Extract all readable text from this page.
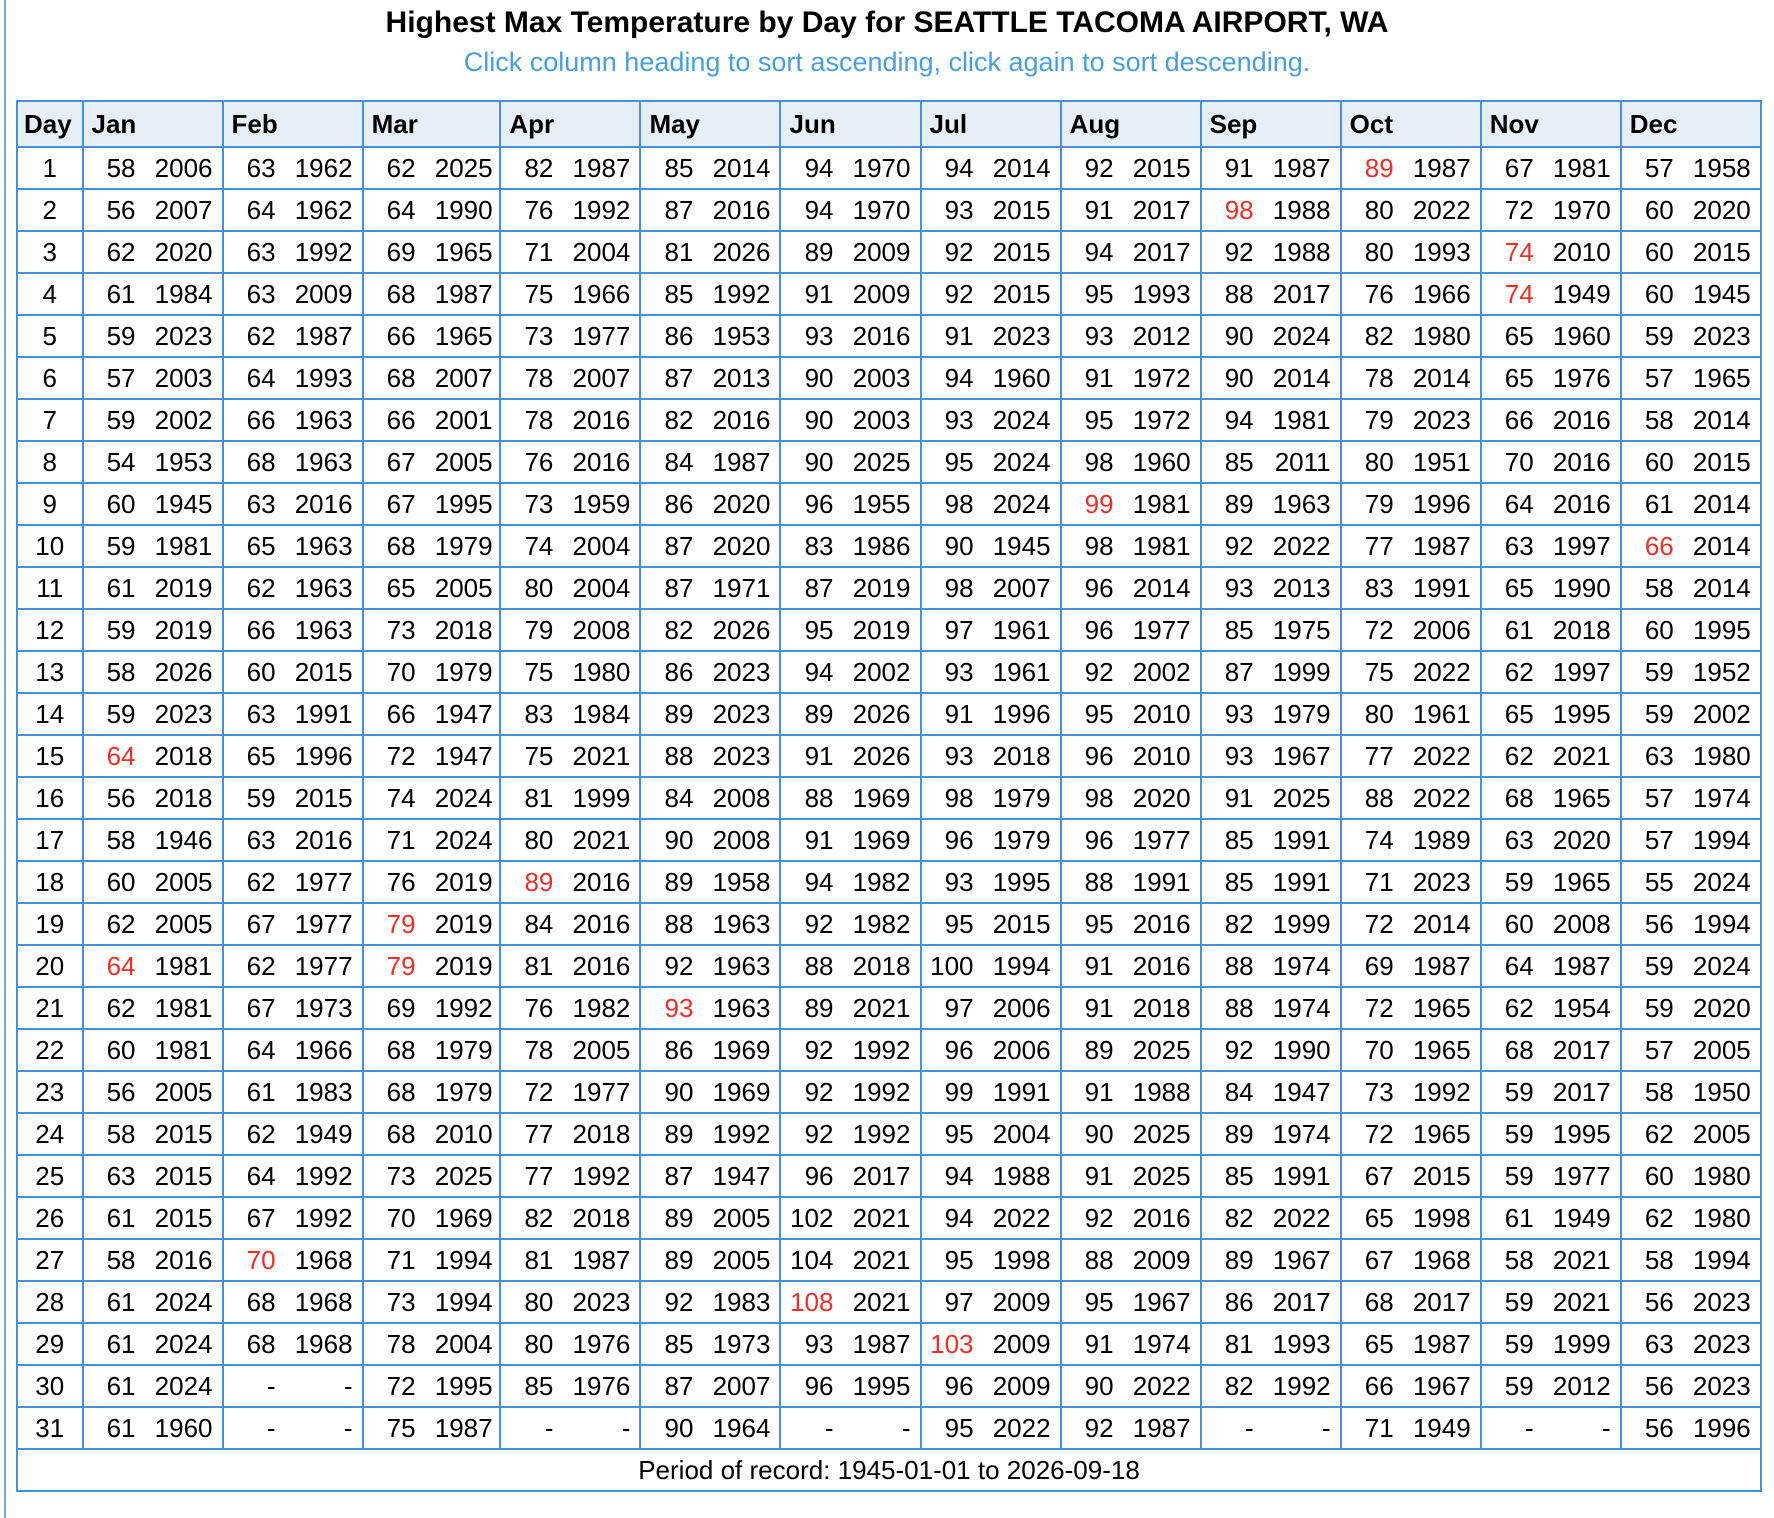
Highest Max Temperature by Day for SEATTLE TACOMA AIRPORT, WA
Click column heading to sort ascending, click again to sort descending.
Day	Jan	Feb	Mar	Apr	May	Jun	Jul	Aug	Sep	Oct	Nov	Dec
1	58 2006	63 1962	62 2025	82 1987	85 2014	94 1970	94 2014	92 2015	91 1987	89 1987	67 1981	57 1958
2	56 2007	64 1962	64 1990	76 1992	87 2016	94 1970	93 2015	91 2017	98 1988	80 2022	72 1970	60 2020
3	62 2020	63 1992	69 1965	71 2004	81 2026	89 2009	92 2015	94 2017	92 1988	80 1993	74 2010	60 2015
4	61 1984	63 2009	68 1987	75 1966	85 1992	91 2009	92 2015	95 1993	88 2017	76 1966	74 1949	60 1945
5	59 2023	62 1987	66 1965	73 1977	86 1953	93 2016	91 2023	93 2012	90 2024	82 1980	65 1960	59 2023
6	57 2003	64 1993	68 2007	78 2007	87 2013	90 2003	94 1960	91 1972	90 2014	78 2014	65 1976	57 1965
7	59 2002	66 1963	66 2001	78 2016	82 2016	90 2003	93 2024	95 1972	94 1981	79 2023	66 2016	58 2014
8	54 1953	68 1963	67 2005	76 2016	84 1987	90 2025	95 2024	98 1960	85 2011	80 1951	70 2016	60 2015
9	60 1945	63 2016	67 1995	73 1959	86 2020	96 1955	98 2024	99 1981	89 1963	79 1996	64 2016	61 2014
10	59 1981	65 1963	68 1979	74 2004	87 2020	83 1986	90 1945	98 1981	92 2022	77 1987	63 1997	66 2014
11	61 2019	62 1963	65 2005	80 2004	87 1971	87 2019	98 2007	96 2014	93 2013	83 1991	65 1990	58 2014
12	59 2019	66 1963	73 2018	79 2008	82 2026	95 2019	97 1961	96 1977	85 1975	72 2006	61 2018	60 1995
13	58 2026	60 2015	70 1979	75 1980	86 2023	94 2002	93 1961	92 2002	87 1999	75 2022	62 1997	59 1952
14	59 2023	63 1991	66 1947	83 1984	89 2023	89 2026	91 1996	95 2010	93 1979	80 1961	65 1995	59 2002
15	64 2018	65 1996	72 1947	75 2021	88 2023	91 2026	93 2018	96 2010	93 1967	77 2022	62 2021	63 1980
16	56 2018	59 2015	74 2024	81 1999	84 2008	88 1969	98 1979	98 2020	91 2025	88 2022	68 1965	57 1974
17	58 1946	63 2016	71 2024	80 2021	90 2008	91 1969	96 1979	96 1977	85 1991	74 1989	63 2020	57 1994
18	60 2005	62 1977	76 2019	89 2016	89 1958	94 1982	93 1995	88 1991	85 1991	71 2023	59 1965	55 2024
19	62 2005	67 1977	79 2019	84 2016	88 1963	92 1982	95 2015	95 2016	82 1999	72 2014	60 2008	56 1994
20	64 1981	62 1977	79 2019	81 2016	92 1963	88 2018	100 1994	91 2016	88 1974	69 1987	64 1987	59 2024
21	62 1981	67 1973	69 1992	76 1982	93 1963	89 2021	97 2006	91 2018	88 1974	72 1965	62 1954	59 2020
22	60 1981	64 1966	68 1979	78 2005	86 1969	92 1992	96 2006	89 2025	92 1990	70 1965	68 2017	57 2005
23	56 2005	61 1983	68 1979	72 1977	90 1969	92 1992	99 1991	91 1988	84 1947	73 1992	59 2017	58 1950
24	58 2015	62 1949	68 2010	77 2018	89 1992	92 1992	95 2004	90 2025	89 1974	72 1965	59 1995	62 2005
25	63 2015	64 1992	73 2025	77 1992	87 1947	96 2017	94 1988	91 2025	85 1991	67 2015	59 1977	60 1980
26	61 2015	67 1992	70 1969	82 2018	89 2005	102 2021	94 2022	92 2016	82 2022	65 1998	61 1949	62 1980
27	58 2016	70 1968	71 1994	81 1987	89 2005	104 2021	95 1998	88 2009	89 1967	67 1968	58 2021	58 1994
28	61 2024	68 1968	73 1994	80 2023	92 1983	108 2021	97 2009	95 1967	86 2017	68 2017	59 2021	56 2023
29	61 2024	68 1968	78 2004	80 1976	85 1973	93 1987	103 2009	91 1974	81 1993	65 1987	59 1999	63 2023
30	61 2024	- -	72 1995	85 1976	87 2007	96 1995	96 2009	90 2022	82 1992	66 1967	59 2012	56 2023
31	61 1960	- -	75 1987	- -	90 1964	- -	95 2022	92 1987	- -	71 1949	- -	56 1996
Period of record: 1945-01-01 to 2026-09-18												
